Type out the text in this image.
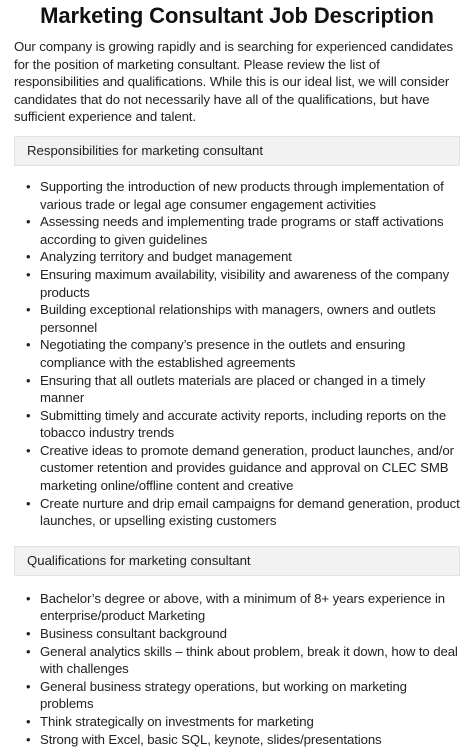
Marketing Consultant Job Description

Our company is growing rapidly and is searching for experienced candidates for the position of marketing consultant. Please review the list of responsibilities and qualifications. While this is our ideal list, we will consider candidates that do not necessarily have all of the qualifications, but have sufficient experience and talent.

Responsibilities for marketing consultant
• Supporting the introduction of new products through implementation of various trade or legal age consumer engagement activities
• Assessing needs and implementing trade programs or staff activations according to given guidelines
• Analyzing territory and budget management
• Ensuring maximum availability, visibility and awareness of the company products
• Building exceptional relationships with managers, owners and outlets personnel
• Negotiating the company’s presence in the outlets and ensuring compliance with the established agreements
• Ensuring that all outlets materials are placed or changed in a timely manner
• Submitting timely and accurate activity reports, including reports on the tobacco industry trends
• Creative ideas to promote demand generation, product launches, and/or customer retention and provides guidance and approval on CLEC SMB marketing online/offline content and creative
• Create nurture and drip email campaigns for demand generation, product launches, or upselling existing customers
Qualifications for marketing consultant
• Bachelor’s degree or above, with a minimum of 8+ years experience in enterprise/product Marketing
• Business consultant background
• General analytics skills – think about problem, break it down, how to deal with challenges
• General business strategy operations, but working on marketing problems
• Think strategically on investments for marketing
• Strong with Excel, basic SQL, keynote, slides/presentations
